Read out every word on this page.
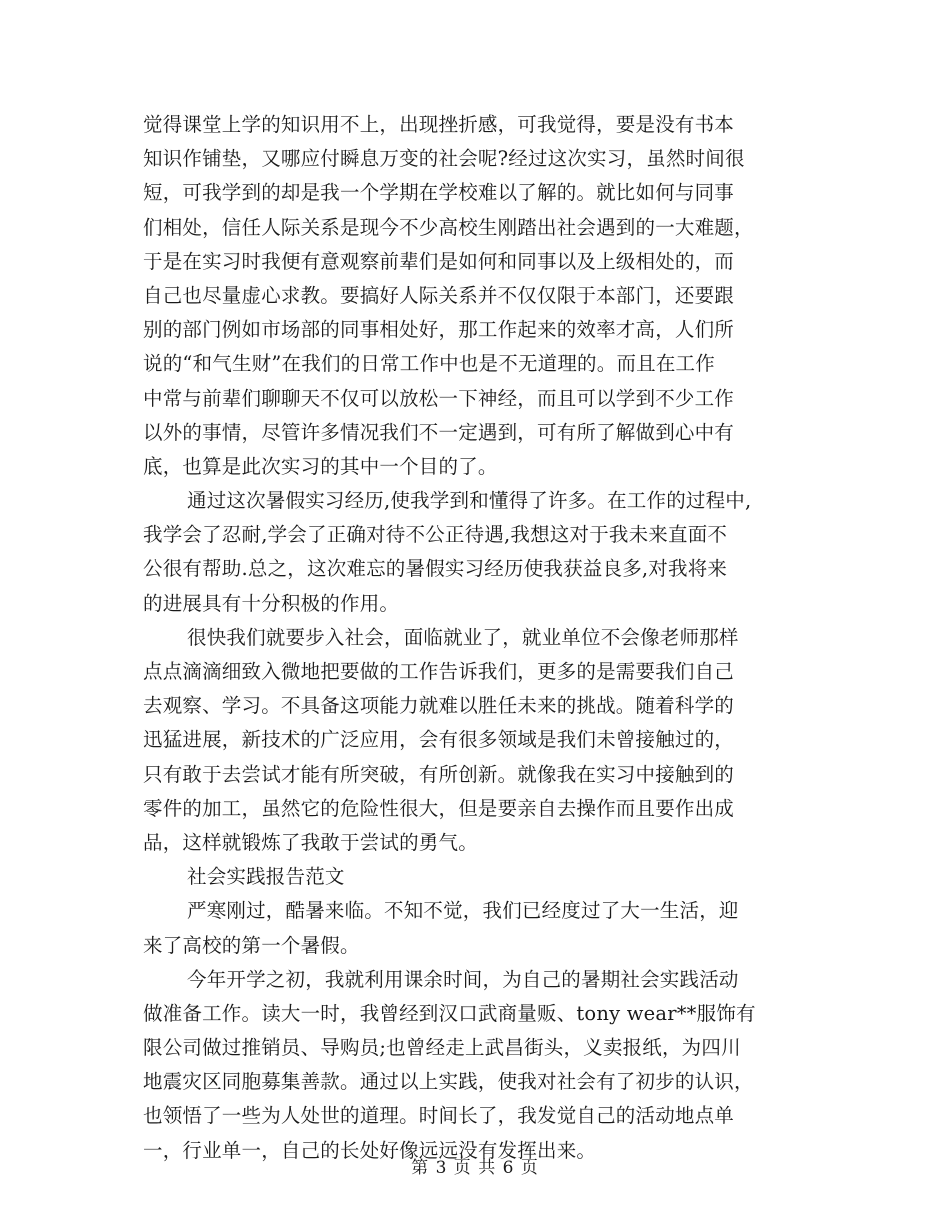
觉得课堂上学的知识用不上，出现挫折感，可我觉得，要是没有书本
知识作铺垫，又哪应付瞬息万变的社会呢?经过这次实习，虽然时间很
短，可我学到的却是我一个学期在学校难以了解的。就比如何与同事
们相处，信任人际关系是现今不少高校生刚踏出社会遇到的一大难题，
于是在实习时我便有意观察前辈们是如何和同事以及上级相处的，而
自己也尽量虚心求教。要搞好人际关系并不仅仅限于本部门，还要跟
别的部门例如市场部的同事相处好，那工作起来的效率才高，人们所
说的“和气生财”在我们的日常工作中也是不无道理的。而且在工作
中常与前辈们聊聊天不仅可以放松一下神经，而且可以学到不少工作
以外的事情，尽管许多情况我们不一定遇到，可有所了解做到心中有
底，也算是此次实习的其中一个目的了。
通过这次暑假实习经历,使我学到和懂得了许多。在工作的过程中,
我学会了忍耐,学会了正确对待不公正待遇,我想这对于我未来直面不
公很有帮助.总之，这次难忘的暑假实习经历使我获益良多,对我将来
的进展具有十分积极的作用。
很快我们就要步入社会，面临就业了，就业单位不会像老师那样
点点滴滴细致入微地把要做的工作告诉我们，更多的是需要我们自己
去观察、学习。不具备这项能力就难以胜任未来的挑战。随着科学的
迅猛进展，新技术的广泛应用，会有很多领域是我们未曾接触过的，
只有敢于去尝试才能有所突破，有所创新。就像我在实习中接触到的
零件的加工，虽然它的危险性很大，但是要亲自去操作而且要作出成
品，这样就锻炼了我敢于尝试的勇气。
社会实践报告范文
严寒刚过，酷暑来临。不知不觉，我们已经度过了大一生活，迎
来了高校的第一个暑假。
今年开学之初，我就利用课余时间，为自己的暑期社会实践活动
做准备工作。读大一时，我曾经到汉口武商量贩、tony wear**服饰有
限公司做过推销员、导购员;也曾经走上武昌街头，义卖报纸，为四川
地震灾区同胞募集善款。通过以上实践，使我对社会有了初步的认识，
也领悟了一些为人处世的道理。时间长了，我发觉自己的活动地点单
一，行业单一，自己的长处好像远远没有发挥出来。
第 3 页 共 6 页
